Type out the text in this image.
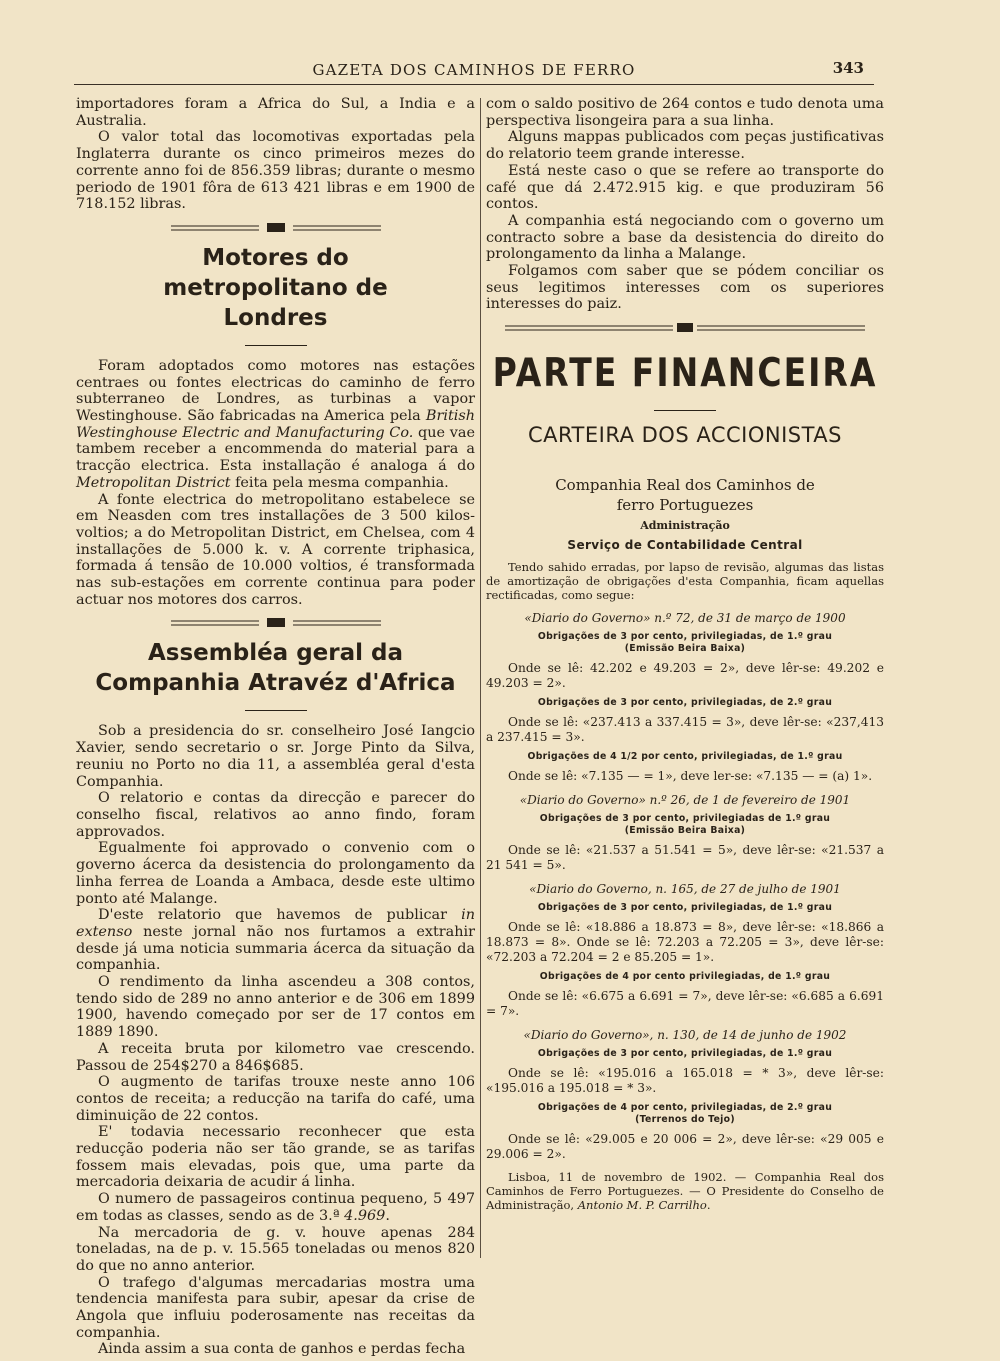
GAZETA DOS CAMINHOS DE FERRO	343

importadores foram a Africa do Sul, a India e a Australia.

O valor total das locomotivas exportadas pela Inglaterra durante os cinco primeiros mezes do corrente anno foi de 856.359 libras; durante o mesmo periodo de 1901 fôra de 613 421 libras e em 1900 de 718.152 libras.

Motores do metropolitano de Londres

Foram adoptados como motores nas estações centraes ou fontes electricas do caminho de ferro subterraneo de Londres, as turbinas a vapor Westinghouse. São fabricadas na America pela British Westinghouse Electric and Manufacturing Co. que vae tambem receber a encommenda do material para a tracção electrica. Esta installação é analoga á do Metropolitan District feita pela mesma companhia.

A fonte electrica do metropolitano estabelece se em Neasden com tres installações de 3 500 kilos-voltios; a do Metropolitan District, em Chelsea, com 4 installações de 5.000 k. v. A corrente triphasica, formada á tensão de 10.000 voltios, é transformada nas sub-estações em corrente continua para poder actuar nos motores dos carros.

Assembléa geral da Companhia Atravéz d'Africa

Sob a presidencia do sr. conselheiro José Iangcio Xavier, sendo secretario o sr. Jorge Pinto da Silva, reuniu no Porto no dia 11, a assembléa geral d'esta Companhia.

O relatorio e contas da direcção e parecer do conselho fiscal, relativos ao anno findo, foram approvados.

Egualmente foi approvado o convenio com o governo ácerca da desistencia do prolongamento da linha ferrea de Loanda a Ambaca, desde este ultimo ponto até Malange.

D'este relatorio que havemos de publicar in extenso neste jornal não nos furtamos a extrahir desde já uma noticia summaria ácerca da situação da companhia.

O rendimento da linha ascendeu a 308 contos, tendo sido de 289 no anno anterior e de 306 em 1899 1900, havendo começado por ser de 17 contos em 1889 1890.

A receita bruta por kilometro vae crescendo. Passou de 254$270 a 846$685.

O augmento de tarifas trouxe neste anno 106 contos de receita; a reducção na tarifa do café, uma diminuição de 22 contos.

E' todavia necessario reconhecer que esta reducção poderia não ser tão grande, se as tarifas fossem mais elevadas, pois que, uma parte da mercadoria deixaria de acudir á linha.

O numero de passageiros continua pequeno, 5 497 em todas as classes, sendo as de 3.ª 4.969.

Na mercadoria de g. v. houve apenas 284 toneladas, na de p. v. 15.565 toneladas ou menos 820 do que no anno anterior.

O trafego d'algumas mercadarias mostra uma tendencia manifesta para subir, apesar da crise de Angola que influiu poderosamente nas receitas da companhia.

Ainda assim a sua conta de ganhos e perdas fecha

com o saldo positivo de 264 contos e tudo denota uma perspectiva lisongeira para a sua linha.

Alguns mappas publicados com peças justificativas do relatorio teem grande interesse.

Está neste caso o que se refere ao transporte do café que dá 2.472.915 kig. e que produziram 56 contos.

A companhia está negociando com o governo um contracto sobre a base da desistencia do direito do prolongamento da linha a Malange.

Folgamos com saber que se pódem conciliar os seus legitimos interesses com os superiores interesses do paiz.

PARTE FINANCEIRA
CARTEIRA DOS ACCIONISTAS
Companhia Real dos Caminhos de ferro Portuguezes
Administração
Serviço de Contabilidade Central

Tendo sahido erradas, por lapso de revisão, algumas das listas de amortização de obrigações d'esta Companhia, ficam aquellas rectificadas, como segue:

«Diario do Governo» n.º 72, de 31 de março de 1900
Obrigações de 3 por cento, privilegiadas, de 1.º grau
(Emissão Beira Baixa)

Onde se lê: 42.202 e 49.203 = 2», deve lêr-se: 49.202 e 49.203 = 2».

Obrigações de 3 por cento, privilegiadas, de 2.º grau

Onde se lê: «237.413 a 337.415 = 3», deve lêr-se: «237,413 a 237.415 = 3».

Obrigações de 4 1/2 por cento, privilegiadas, de 1.º grau

Onde se lê: «7.135 — = 1», deve ler-se: «7.135 — = (a) 1».

«Diario do Governo» n.º 26, de 1 de fevereiro de 1901
Obrigações de 3 por cento, privilegiadas de 1.º grau
(Emissão Beira Baixa)

Onde se lê: «21.537 a 51.541 = 5», deve lêr-se: «21.537 a 21 541 = 5».

«Diario do Governo, n. 165, de 27 de julho de 1901
Obrigações de 3 por cento, privilegiadas, de 1.º grau

Onde se lê: «18.886 a 18.873 = 8», deve lêr-se: «18.866 a 18.873 = 8». Onde se lê: 72.203 a 72.205 = 3», deve lêr-se: «72.203 a 72.204 = 2 e 85.205 = 1».

Obrigações de 4 por cento privilegiadas, de 1.º grau

Onde se lê: «6.675 a 6.691 = 7», deve lêr-se: «6.685 a 6.691 = 7».

«Diario do Governo», n. 130, de 14 de junho de 1902
Obrigações de 3 por cento, privilegiadas, de 1.º grau

Onde se lê: «195.016 a 165.018 = * 3», deve lêr-se: «195.016 a 195.018 = * 3».

Obrigações de 4 por cento, privilegiadas, de 2.º grau
(Terrenos do Tejo)

Onde se lê: «29.005 e 20 006 = 2», deve lêr-se: «29 005 e 29.006 = 2».

Lisboa, 11 de novembro de 1902. — Companhia Real dos Caminhos de Ferro Portuguezes. — O Presidente do Conselho de Administração, Antonio M. P. Carrilho.
